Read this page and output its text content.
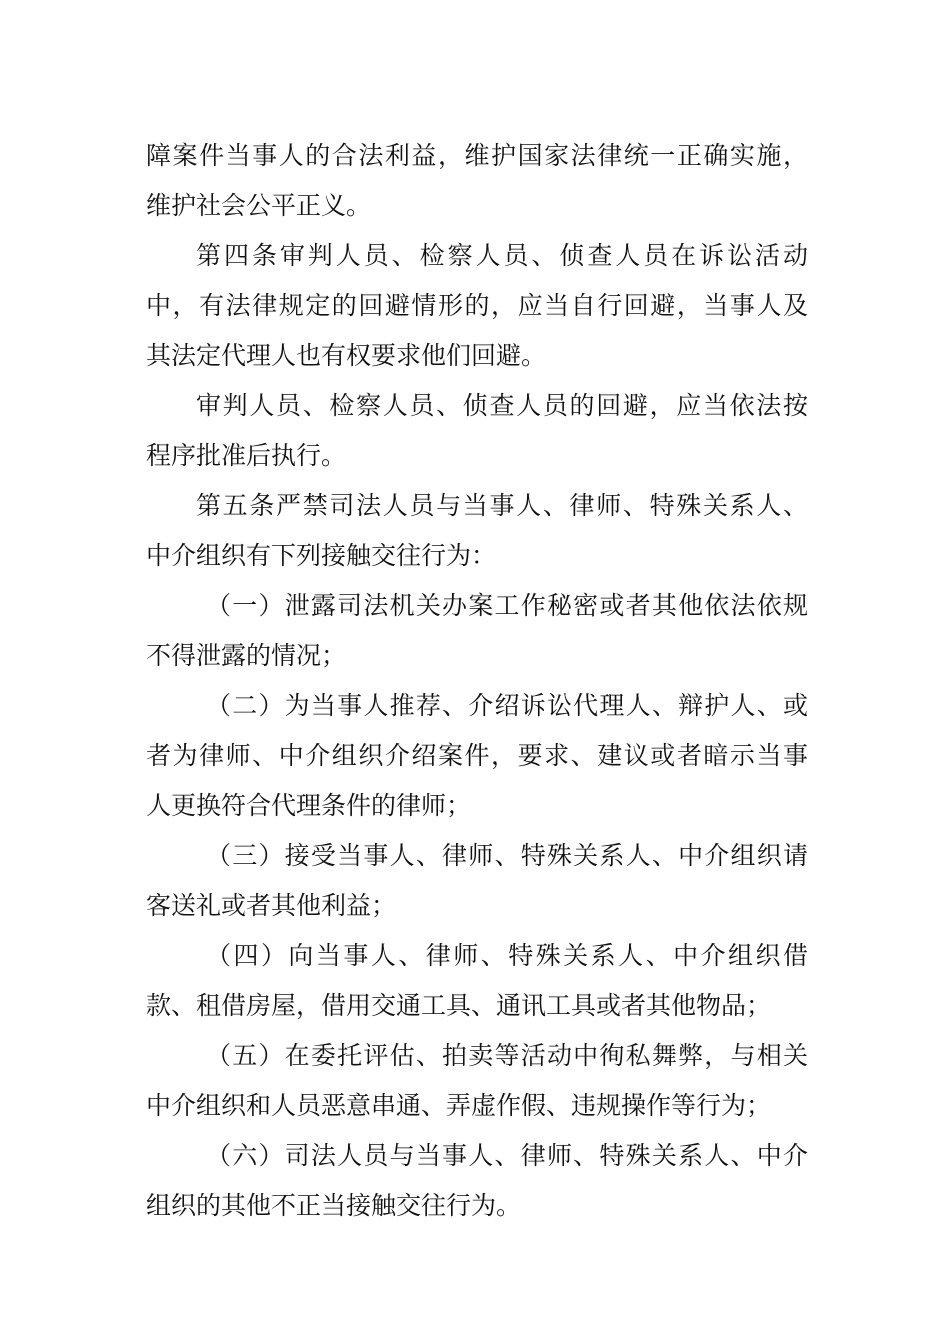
障案件当事人的合法利益，维护国家法律统一正确实施，
维护社会公平正义。
第四条审判人员、检察人员、侦查人员在诉讼活动
中，有法律规定的回避情形的，应当自行回避，当事人及
其法定代理人也有权要求他们回避。
审判人员、检察人员、侦查人员的回避，应当依法按
程序批准后执行。
第五条严禁司法人员与当事人、律师、特殊关系人、
中介组织有下列接触交往行为：
（一）泄露司法机关办案工作秘密或者其他依法依规
不得泄露的情况；
（二）为当事人推荐、介绍诉讼代理人、辩护人、或
者为律师、中介组织介绍案件，要求、建议或者暗示当事
人更换符合代理条件的律师；
（三）接受当事人、律师、特殊关系人、中介组织请
客送礼或者其他利益；
（四）向当事人、律师、特殊关系人、中介组织借
款、租借房屋，借用交通工具、通讯工具或者其他物品；
（五）在委托评估、拍卖等活动中徇私舞弊，与相关
中介组织和人员恶意串通、弄虚作假、违规操作等行为；
（六）司法人员与当事人、律师、特殊关系人、中介
组织的其他不正当接触交往行为。
